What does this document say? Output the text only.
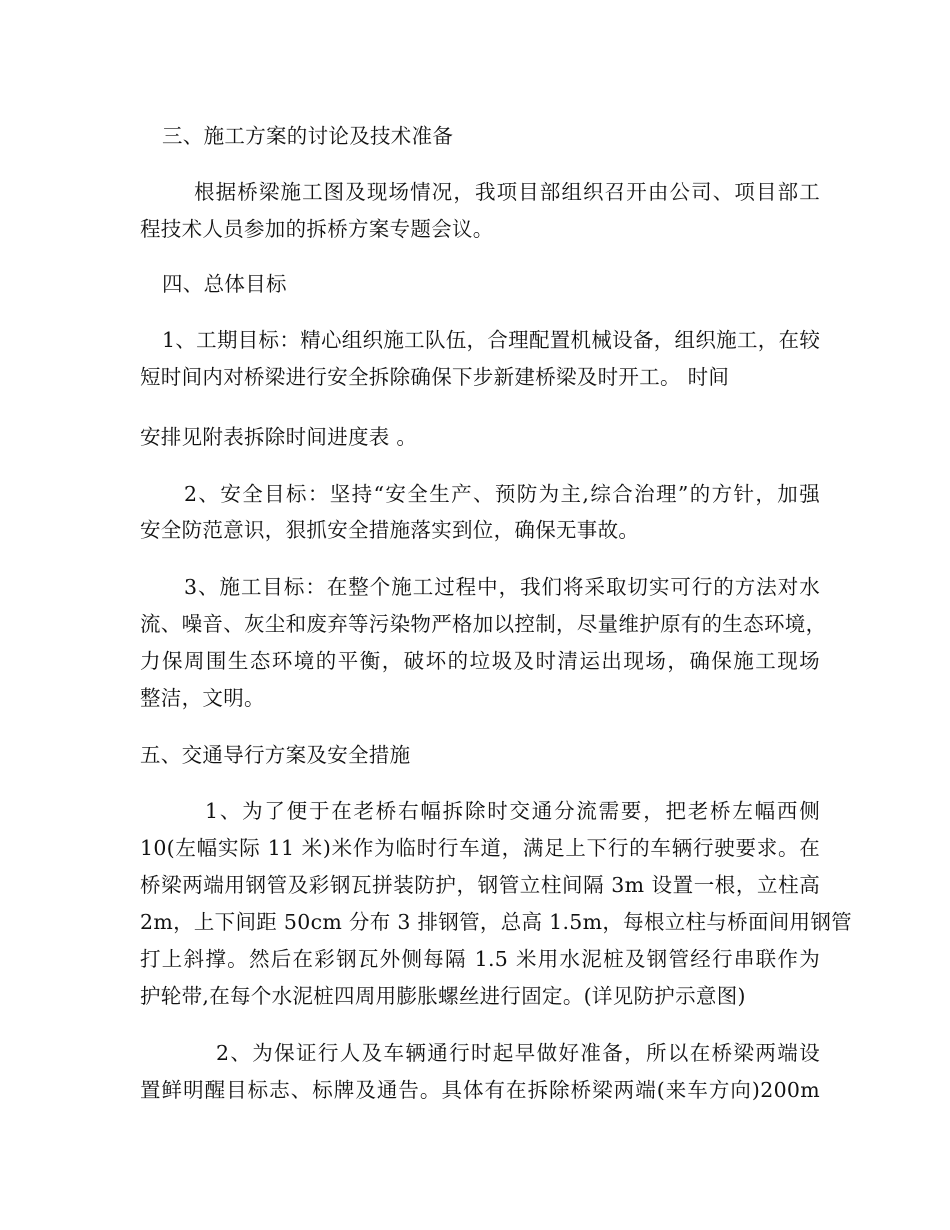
三、施工方案的讨论及技术准备
根据桥梁施工图及现场情况，我项目部组织召开由公司、项目部工
程技术人员参加的拆桥方案专题会议。
四、总体目标
1、工期目标：精心组织施工队伍，合理配置机械设备，组织施工，在较
短时间内对桥梁进行安全拆除确保下步新建桥梁及时开工。 时间
安排见附表拆除时间进度表 。
2、安全目标：坚持“安全生产、预防为主,综合治理”的方针，加强
安全防范意识，狠抓安全措施落实到位，确保无事故。
3、施工目标：在整个施工过程中，我们将采取切实可行的方法对水
流、噪音、灰尘和废弃等污染物严格加以控制，尽量维护原有的生态环境，
力保周围生态环境的平衡，破坏的垃圾及时清运出现场，确保施工现场
整洁，文明。
五、交通导行方案及安全措施
1、为了便于在老桥右幅拆除时交通分流需要，把老桥左幅西侧
10(左幅实际 11 米)米作为临时行车道，满足上下行的车辆行驶要求。在
桥梁两端用钢管及彩钢瓦拼装防护，钢管立柱间隔 3m 设置一根，立柱高
2m，上下间距 50cm 分布 3 排钢管，总高 1.5m，每根立柱与桥面间用钢管
打上斜撑。然后在彩钢瓦外侧每隔 1.5 米用水泥桩及钢管经行串联作为
护轮带,在每个水泥桩四周用膨胀螺丝进行固定。(详见防护示意图)
2、为保证行人及车辆通行时起早做好准备，所以在桥梁两端设
置鲜明醒目标志、标牌及通告。具体有在拆除桥梁两端(来车方向)200m
